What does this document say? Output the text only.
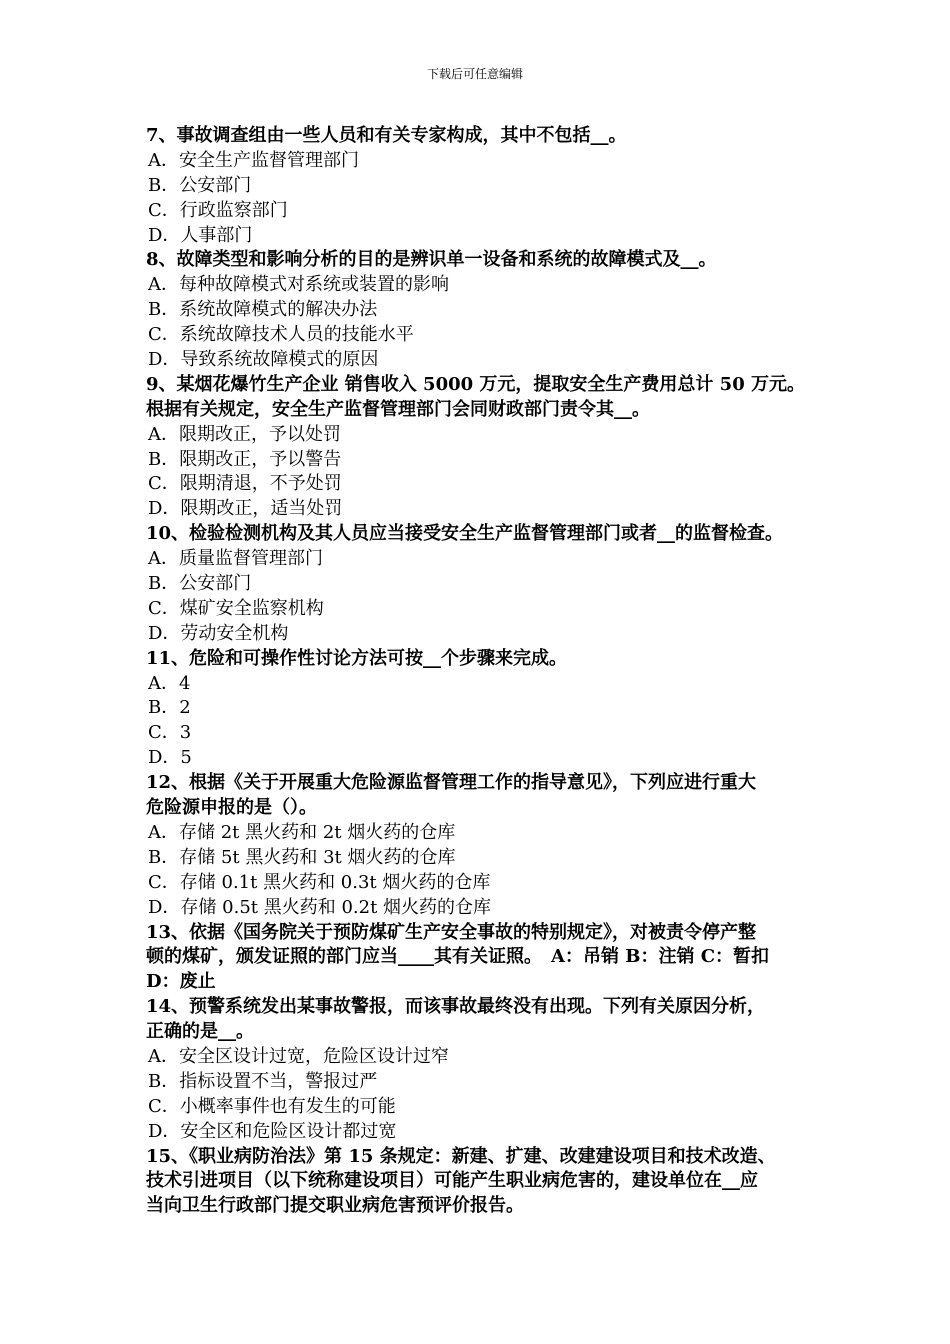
下载后可任意编辑
7、事故调查组由一些人员和有关专家构成，其中不包括__。
A．安全生产监督管理部门
B．公安部门
C．行政监察部门
D．人事部门
8、故障类型和影响分析的目的是辨识单一设备和系统的故障模式及__。
A．每种故障模式对系统或装置的影响
B．系统故障模式的解决办法
C．系统故障技术人员的技能水平
D．导致系统故障模式的原因
9、某烟花爆竹生产企业 销售收入 5000 万元，提取安全生产费用总计 50 万元。
根据有关规定，安全生产监督管理部门会同财政部门责令其__。
A．限期改正，予以处罚
B．限期改正，予以警告
C．限期清退，不予处罚
D．限期改正，适当处罚
10、检验检测机构及其人员应当接受安全生产监督管理部门或者__的监督检查。
A．质量监督管理部门
B．公安部门
C．煤矿安全监察机构
D．劳动安全机构
11、危险和可操作性讨论方法可按__个步骤来完成。
A．4
B．2
C．3
D．5
12、根据《关于开展重大危险源监督管理工作的指导意见》，下列应进行重大
危险源申报的是（）。
A．存储 2t 黑火药和 2t 烟火药的仓库
B．存储 5t 黑火药和 3t 烟火药的仓库
C．存储 0.1t 黑火药和 0.3t 烟火药的仓库
D．存储 0.5t 黑火药和 0.2t 烟火药的仓库
13、依据《国务院关于预防煤矿生产安全事故的特别规定》，对被责令停产整
顿的煤矿，颁发证照的部门应当____其有关证照。　A：吊销 B：注销 C：暂扣
D：废止
14、预警系统发出某事故警报，而该事故最终没有出现。下列有关原因分析，
正确的是__。
A．安全区设计过宽，危险区设计过窄
B．指标设置不当，警报过严
C．小概率事件也有发生的可能
D．安全区和危险区设计都过宽
15、《职业病防治法》第 15 条规定：新建、扩建、改建建设项目和技术改造、
技术引进项目（以下统称建设项目）可能产生职业病危害的，建设单位在__应
当向卫生行政部门提交职业病危害预评价报告。
